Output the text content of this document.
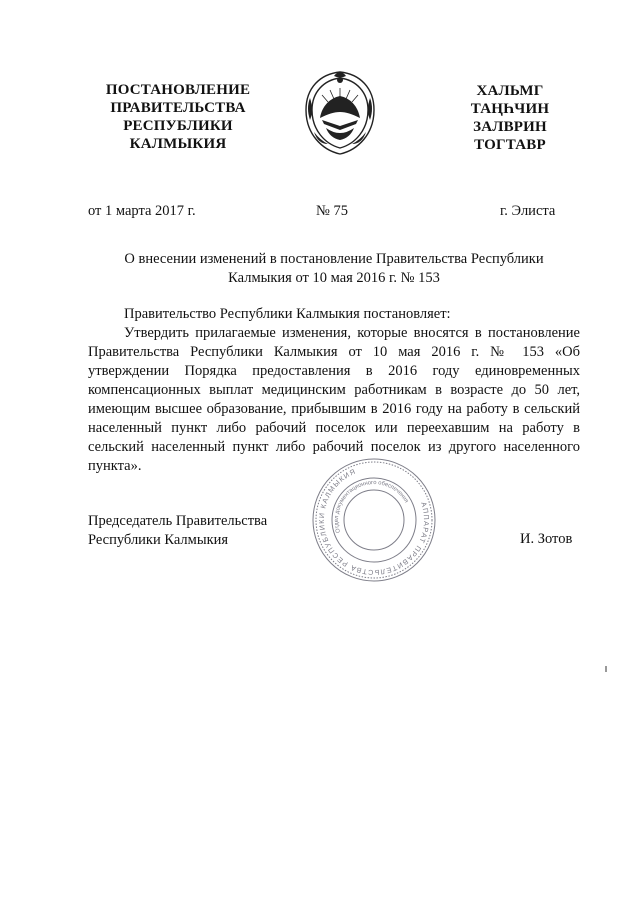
ПОСТАНОВЛЕНИЕ
ПРАВИТЕЛЬСТВА
РЕСПУБЛИКИ
КАЛМЫКИЯ
ХАЛЬМГ
ТАҢҺЧИН
ЗАЛВРИН
ТОГТАВР
от 1 марта 2017 г.	№ 75	г. Элиста
О внесении изменений в постановление Правительства Республики
Калмыкия от 10 мая 2016 г. № 153
Правительство Республики Калмыкия постановляет:
Утвердить прилагаемые изменения, которые вносятся в постановление
Правительства Республики Калмыкия от 10 мая 2016 г. № 153 «Об
утверждении Порядка предоставления в 2016 году единовременных
компенсационных выплат медицинским работникам в возрасте до 50 лет,
имеющим высшее образование, прибывшим в 2016 году на работу в сельский
населенный пункт либо рабочий поселок или переехавшим на работу в
сельский населенный пункт либо рабочий поселок из другого населенного
пункта».
Председатель Правительства
Республики Калмыкия	И. Зотов
АППАРАТ ПРАВИТЕЛЬСТВА РЕСПУБЛИКИ КАЛМЫКИЯ
Отдел документационного обеспечения
